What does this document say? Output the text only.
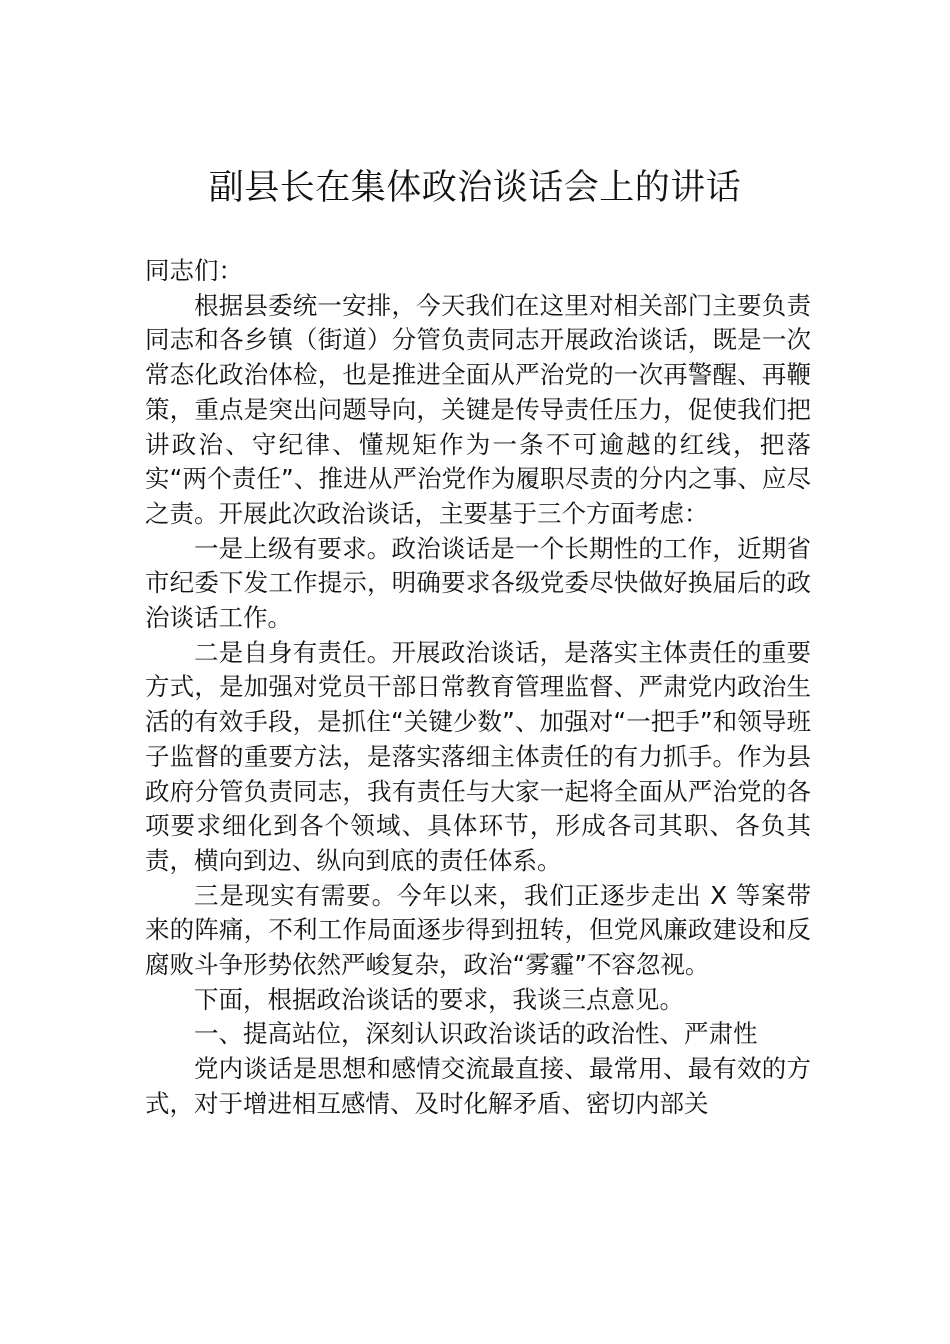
副县长在集体政治谈话会上的讲话

同志们：

根据县委统一安排，今天我们在这里对相关部门主要负责同志和各乡镇（街道）分管负责同志开展政治谈话，既是一次常态化政治体检，也是推进全面从严治党的一次再警醒、再鞭策，重点是突出问题导向，关键是传导责任压力，促使我们把讲政治、守纪律、懂规矩作为一条不可逾越的红线，把落实“两个责任”、推进从严治党作为履职尽责的分内之事、应尽之责。开展此次政治谈话，主要基于三个方面考虑：

一是上级有要求。政治谈话是一个长期性的工作，近期省市纪委下发工作提示，明确要求各级党委尽快做好换届后的政治谈话工作。

二是自身有责任。开展政治谈话，是落实主体责任的重要方式，是加强对党员干部日常教育管理监督、严肃党内政治生活的有效手段，是抓住“关键少数”、加强对“一把手”和领导班子监督的重要方法，是落实落细主体责任的有力抓手。作为县政府分管负责同志，我有责任与大家一起将全面从严治党的各项要求细化到各个领域、具体环节，形成各司其职、各负其责，横向到边、纵向到底的责任体系。

三是现实有需要。今年以来，我们正逐步走出 X 等案带来的阵痛，不利工作局面逐步得到扭转，但党风廉政建设和反腐败斗争形势依然严峻复杂，政治“雾霾”不容忽视。

下面，根据政治谈话的要求，我谈三点意见。

一、提高站位，深刻认识政治谈话的政治性、严肃性

党内谈话是思想和感情交流最直接、最常用、最有效的方式，对于增进相互感情、及时化解矛盾、密切内部关
